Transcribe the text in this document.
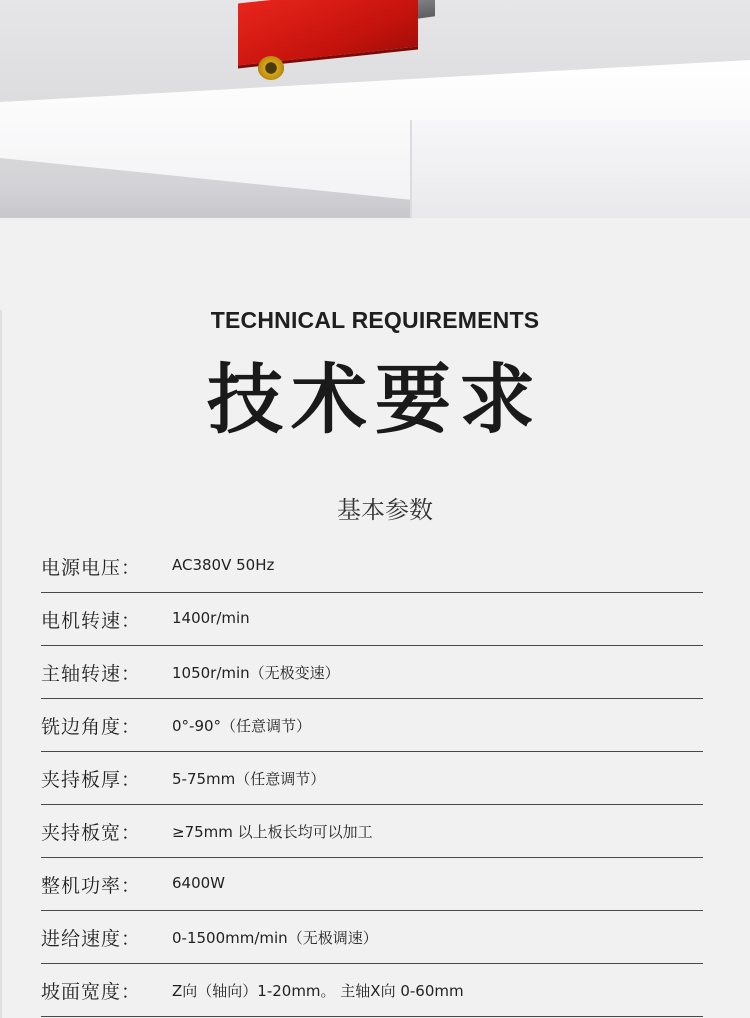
TECHNICAL REQUIREMENTS
技术要求
基本参数
电源电压： AC380V 50Hz
电机转速： 1400r/min
主轴转速： 1050r/min（无极变速）
铣边角度： 0°-90°（任意调节）
夹持板厚： 5-75mm（任意调节）
夹持板宽： ≥75mm 以上板长均可以加工
整机功率： 6400W
进给速度： 0-1500mm/min（无极调速）
坡面宽度： Z向（轴向）1-20mm。 主轴X向 0-60mm
